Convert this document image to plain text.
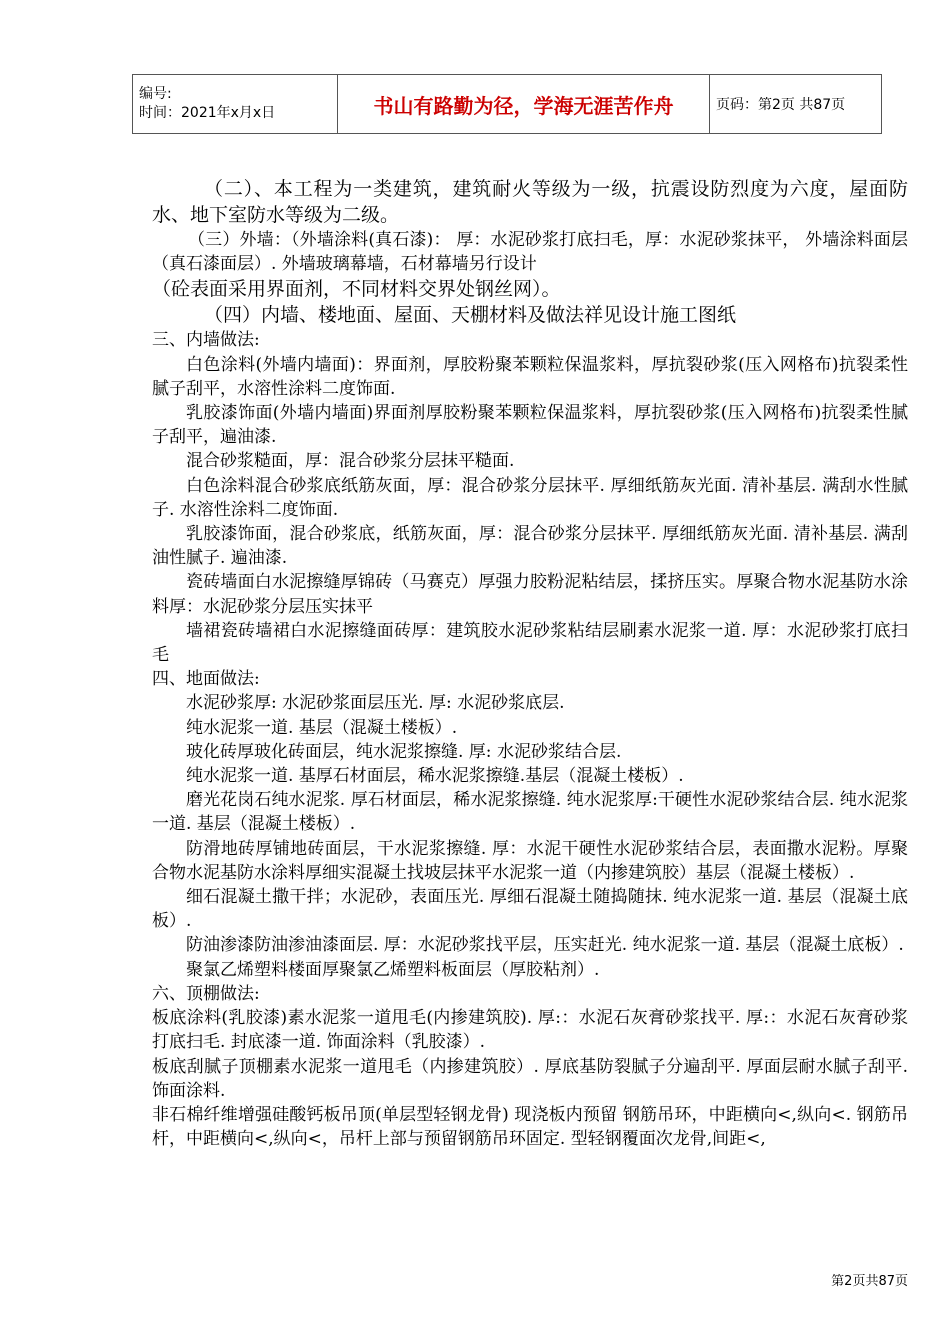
编号:
时间：2021年x月x日	书山有路勤为径，学海无涯苦作舟	页码：第2页 共87页

（二）、本工程为一类建筑，建筑耐火等级为一级，抗震设防烈度为六度，屋面防水、地下室防水等级为二级。

（三）外墙：（外墙涂料(真石漆)： 厚：水泥砂浆打底扫毛，厚：水泥砂浆抹平， 外墙涂料面层（真石漆面层）. 外墙玻璃幕墙，石材幕墙另行设计

（砼表面采用界面剂，不同材料交界处钢丝网）。

（四）内墙、楼地面、屋面、天棚材料及做法祥见设计施工图纸

三、内墙做法:

白色涂料(外墙内墙面)：界面剂，厚胶粉聚苯颗粒保温浆料，厚抗裂砂浆(压入网格布)抗裂柔性腻子刮平，水溶性涂料二度饰面.

乳胶漆饰面(外墙内墙面)界面剂厚胶粉聚苯颗粒保温浆料，厚抗裂砂浆(压入网格布)抗裂柔性腻子刮平，遍油漆.

混合砂浆糙面，厚：混合砂浆分层抹平糙面.

白色涂料混合砂浆底纸筋灰面，厚：混合砂浆分层抹平. 厚细纸筋灰光面. 清补基层. 满刮水性腻子. 水溶性涂料二度饰面.

乳胶漆饰面，混合砂浆底，纸筋灰面，厚：混合砂浆分层抹平. 厚细纸筋灰光面. 清补基层. 满刮油性腻子. 遍油漆.

瓷砖墙面白水泥擦缝厚锦砖（马赛克）厚强力胶粉泥粘结层，揉挤压实。厚聚合物水泥基防水涂料厚：水泥砂浆分层压实抹平

墙裙瓷砖墙裙白水泥擦缝面砖厚：建筑胶水泥砂浆粘结层刷素水泥浆一道. 厚：水泥砂浆打底扫毛

四、地面做法:

水泥砂浆厚: 水泥砂浆面层压光. 厚: 水泥砂浆底层.

纯水泥浆一道. 基层（混凝土楼板）.

玻化砖厚玻化砖面层，纯水泥浆擦缝. 厚: 水泥砂浆结合层.

纯水泥浆一道. 基厚石材面层，稀水泥浆擦缝.基层（混凝土楼板）.

磨光花岗石纯水泥浆. 厚石材面层，稀水泥浆擦缝. 纯水泥浆厚:干硬性水泥砂浆结合层. 纯水泥浆一道. 基层（混凝土楼板）.

防滑地砖厚铺地砖面层，干水泥浆擦缝. 厚：水泥干硬性水泥砂浆结合层，表面撒水泥粉。厚聚合物水泥基防水涂料厚细实混凝土找坡层抹平水泥浆一道（内掺建筑胶）基层（混凝土楼板）.

细石混凝土撒干拌；水泥砂，表面压光. 厚细石混凝土随捣随抹. 纯水泥浆一道. 基层（混凝土底板）.

防油渗漆防油渗油漆面层. 厚：水泥砂浆找平层，压实赶光. 纯水泥浆一道. 基层（混凝土底板）.

聚氯乙烯塑料楼面厚聚氯乙烯塑料板面层（厚胶粘剂）.

六、顶棚做法:

板底涂料(乳胶漆)素水泥浆一道甩毛(内掺建筑胶). 厚:：水泥石灰膏砂浆找平. 厚:：水泥石灰膏砂浆打底扫毛. 封底漆一道. 饰面涂料（乳胶漆）.

板底刮腻子顶棚素水泥浆一道甩毛（内掺建筑胶）. 厚底基防裂腻子分遍刮平. 厚面层耐水腻子刮平. 饰面涂料.

非石棉纤维增强硅酸钙板吊顶(单层型轻钢龙骨) 现浇板内预留 钢筋吊环，中距横向<,纵向<. 钢筋吊杆，中距横向<,纵向<，吊杆上部与预留钢筋吊环固定. 型轻钢覆面次龙骨,间距<,

第2页共87页
